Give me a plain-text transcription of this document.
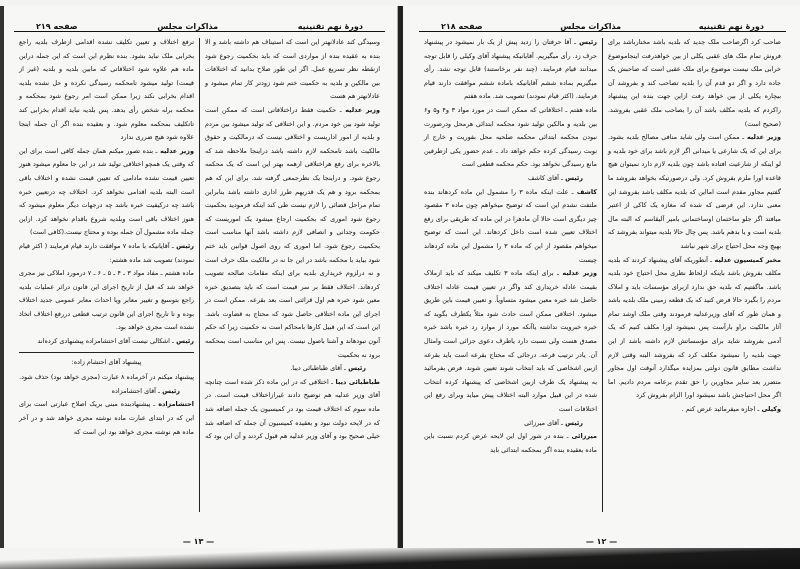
دورهٔ نهم تقنینیه
مذاکرات مجلس
صفحه ۲۱۹

وسیدگی کند عادلانهتر این است که استیناف هم داشته باشد و الا بنده به عقیده بنده از مواردی است که باید بحکمیت رجوع شود ازنقطه نظر تسریع عمل. اگر این طور صلاح بدانید که اختلافات بین مالکین و بلدیه به حکمیت ختم شود زودتر کار تمام میشود و عادلانهتر هم هست

وزیر عدلیه ـ حکمیت فقط دراختلافاتی است که ممکن است تولید شود بین خود مردم. و این اختلافی که تولید میشود بین مردم و بلدیه از امور اداریست و اختلافی نیست که درمالکیت و حقوق مالکیت باشد تامحکمه لازم داشته باشد دراینجا ملاحظه شد که بالاخره برای رفع هراختلافی ازهمه بهتر این است که یک محکمه رجوع شود. و دراینجا یک نظرجمعی گرفته شد. برای این که هم بمحکمه برود و هم یک قدریهم طرز اداری داشته باشد بنابراین تمام مراحل قضائی را لازم نیست طی کند اینکه فرمودید بحکمیت رجوع شود اموری که بحکمیت ارجاع میشود یک اموریست که حکومت وجدانی و انصافی لازم داشته باشد آنها مناسب است بحکمیت رجوع شود. اما اموری که روی اصول قوانین باید ختم شود بیاید با محکمه باشد در این جا نه در مالکیت ملک حرف است و نه درلزوم خریداری بلدیه برای اینکه مقامات صالحه تصویب کردهاند. اختلاف فقط بر سر قیمت است که باید بتصدیق خبره معین شود خبره هم اول قرائتی است بعد بقرعه. ممکن است در اجرای این ماده اختلافی حاصل شود که محتاج به قضاوت باشد. این است که این قبیل کارها بامحاکم است نه حکمیت زیرا که حکم آنون نبودهاند و آشنا باصول نیست. پس این مناسب است بمحکمه برود نه بحکمیت

رئیس ـ آقای طباطبائی دیبا.

طباطبائی دیبا ـ اختلافی که در این ماده ذکر شده است چنانچه آقای وزیر عدلیه هم توضیح دادند غیرازاختلاف قیمت است. در ماده سوم که اختلاف قیمت بود در کمیسیون یک جمله اضافه شد که در لایحه دولت نبود و بعقیده کمیسیون آن جمله که اضافه شد خیلی صحیح بود و آقای وزیر عدلیه هم قبول کردند و آن این بود که

ترفع اختلاف و تعیین تکلیف نشده اقدامی ازطرف بلدیه راجع بخرابی ملک نباید بشود. بنده نظرم این است که این جمله دراین ماده هم علاوه شود اختلافاتی که مابین بلدیه و بلدیه (غیر از قیمت) تولید میشود تامحکمه رسیدگی نکرده و حل نشده بلدیه اقدام بخرابی نکند زیرا ممکن است امر رجوع شود بمحکمه و محکمه برله شخص رأی بدهد. پس بلدیه نباید اقدام بخرابی کند تاتکلیف بمحکمه معلوم شود. و بعقیده بنده اگر آن جمله اینجا علاوه شود هیچ ضرری ندارد

وزیر عدلیه ـ بنده تصور میکنم همان جمله کافی است برای این که وقتی یک همچو اختلافی تولید شد در این جا معلوم میشود هنوز تعیین قیمت نشده مادامی که تعیین قیمت نشده و اختلاف باقی است البته بلدیه اقدامی نخواهد کرد. اختلاف چه درتعیین خبره باشد چه درکیفیت خبره باشد چه درجهات دیگر معلوم میشود که هنوز اختلاف باقی است وبلدیه شروع باقدام نخواهد کرد. ازاین جمله ماده مشمول آن جمله بوده و محتاج نیست.(کافی است)

رئیس ـ آقایانیکه با ماده ۷ موافقت دارند قیام فرمایند ( اکثر قیام نمودند) تصویب شد ماده هشتم:

ماده هشتم ـ مفاد مواد ۳ ـ ۴ ـ ۵ ـ ۶ ـ ۷ درمورد املاکی نیز مجری خواهد شد که قبل از تاریخ اجرای این قانون دراثر عملیات بلدیه راجع بتوسیع و تغییر معابر ویا احداث معابر عمومی جدید اختلاف بوده و تا تاریخ اجرای این قانون ترتیب قطعی دررفع اختلاف اتخاذ نشده است مجری خواهد بود.

رئیس ـ اشکالی نیست آقای احتشامزاده پیشنهادی کرده‌اند

پیشنهاد آقای احتشام زاده:

پیشنهاد میکنم در آخرماده ۸ عبارت (مجری خواهد بود) حذف شود.

رئیس ـ آقای احتشامزاده

احتشامزاده ـ پیشنهادبنده مبنی بریک اصلاح عبارتی است برای این که در ابتدای عبارت ماده نوشته مجری خواهد شد و در آخر ماده هم نوشته مجری خواهد بود این است که

— ۱۳ —
دورهٔ نهم تقنینیه
مذاکرات مجلس
صفحه ۲۱۸

صاحب کرد اگرصاحب ملک جدید که بلدیه باشد مختارباشد برای فروش تمام ملک های عقبی یکلی از بین خواهدرفت اینجاموضوع خرابی ملک نیست موضوع برای ملک عقبی است که صاحبش یک جاده دارد و اگر دو قدم آن را بلدیه تصاحب کند و بفروشد آن بیچاره یکلی از بین خواهد رفت ازاین جهت بنده این پیشنهاد راکردم که بلدیه مکلف باشد آن را بصاحب ملک عقبی بفروشد.(صحیح است)

وزیر عدلیه ـ ممکن است ولی شاید منافی مصالح بلدیه بشود. برای این که یک شارعی یا میدانی اگر لازم باشد برای خود بلدیه و لو اینکه از شارعیت افتاده باشد چون بلدیه لازم دارد نمیتوان هیچ قاعده اورا ملزم بفروش کرد. ولی درصورتیکه بخواهد بفروشد ما گفتیم مجاور مقدم است امااین که بلدیه مکلف باشد بفروشد این معنی ندارد. این فرضی که شده که مغازه یک کاکی از اعتبر میافتد اگر جلو ساختمان اوساختمانی بامیر آلیقاسم که البته مال بلدیه است و یا بدهم باشد. پس چال حالا بلدیه میتواند بفروشد که بهیچ وجه محل احتیاج برای شهر نباشد

مخبر کمیسیون عدلیه ـ آنطوریکه آقای پیشنهاد کردند که بلدیه مکلف بفروش باشد باینکه ازلحاظ نظری محل احتیاج خود بلدیه باشد. ماگفتیم که بلدیه حق ندارد ازبرای مؤسسات باید و املاک مردم را بگیرد حالا فرض کنید که یک قطعه زمینی ملک بلدیه باشد و همان طور که آقای وزیرعدلیه فرمودند وقتی ملک اوشد تمام آثار مالکیت براو بارآست پس نمیشود اورا مکلف کنیم که یک آدمی بفروشد شاید برای مؤسساتش لازم داشته باشد از این جهت بلدیه را نمیشود مکلف کرد که بفروشد البته وقتی لازم نداشت مطابق قانون دولتی بمزایده میگذارد آنوقت اول مجاور متضرر بعد سایر مجاورین را حق تقدم برعامه مردم دادیم. اما اگر محل احتیاجش باشد نمیشود اورا الزام بفروش کرد

وکیلی ـ اجازه میفرمائید عرض کنم .

رئیس ـ آقا حرفتان را زدید پیش از یک بار نمیشود در پیشنهاد حرف زد. رأی میگیریم. آقایانیکه پیشنهاد آقای وکیلی را قابل توجه میدانند قیام فرمایند. (چند نفر برخاستند) قابل توجه نشد. رأی میگیریم بماده ششم آقایانیکه باماده ششم موافقت دارند قیام فرمایند. (اکثر قیام نمودند) تصویب شد. ماده هفتم

ماده هفتم ـ اختلافاتی که ممکن است در مورد مواد ۳ و۴ و۵ و۶ بین بلدیه و مالکین تولید شود محکمه ابتدائی هرمحل ودرصورت نبودن محکمه ابتدائی محکمه صلحیه محل بفوریت و خارج از نوبت رسیدگی کرده حکم خواهد داد ـ عدم حضور یکی ازطرفین مانع رسیدگی نخواهد بود. حکم محکمه قطعی است

رئیس ـ آقای کاشف

کاشف ـ علت اینکه ماده ۳ را مشمول این ماده کردهاند بنده ملتفت نشدم این است که توضیح میخواهم چون ماده ۳ مقصود چیز دیگری است حالا آن مادهرا در این ماده که طریقی برای رفع اختلاف تعیین شده است داخل کردهاند. این است که توضیح میخواهم مقصود از این که ماده ۳ را مشمول این ماده کردهاند چیست

وزیر عدلیه ـ برای اینکه ماده ۳ تکلیف میکند که باید ازملاک بقیمت عادله خریداری کند واگر در تعیین قیمت عادله اختلاف حاصل شد خبره معین میشود متساویاً. و تعیین قیمت باین طریق میشود. اختلافی ممکن است حادث شود مثلاً یکطرف بگوید که خبره خبرویت نداشته یاآنکه مورد از موارد رد خبره باشد خبره مصدق هست ولی نسبت دارد یاطرف دعوی جزائی است وامثال آن. یادر ترتیب قرعه. درجائی که محتاج بقرعه است باید بقرعه ازبین اشخاصی که باید انتخاب شوند تعیین شوند. فرض بفرمائید به پیشنهاد یک طرف ازبین اشخاصی که پیشنهاد کرده انتخاب شده در این قبیل موارد البته اختلاف پیش میاید وبرای رفع این اختلافات است

رئیس ـ آقای میرزائی

میرزائی ـ بنده در شور اول این لایحه عرض کردم نسبت باین ماده بعقیده بنده اگر بمحکمه ابتدائی باید

— ۱۲ —
